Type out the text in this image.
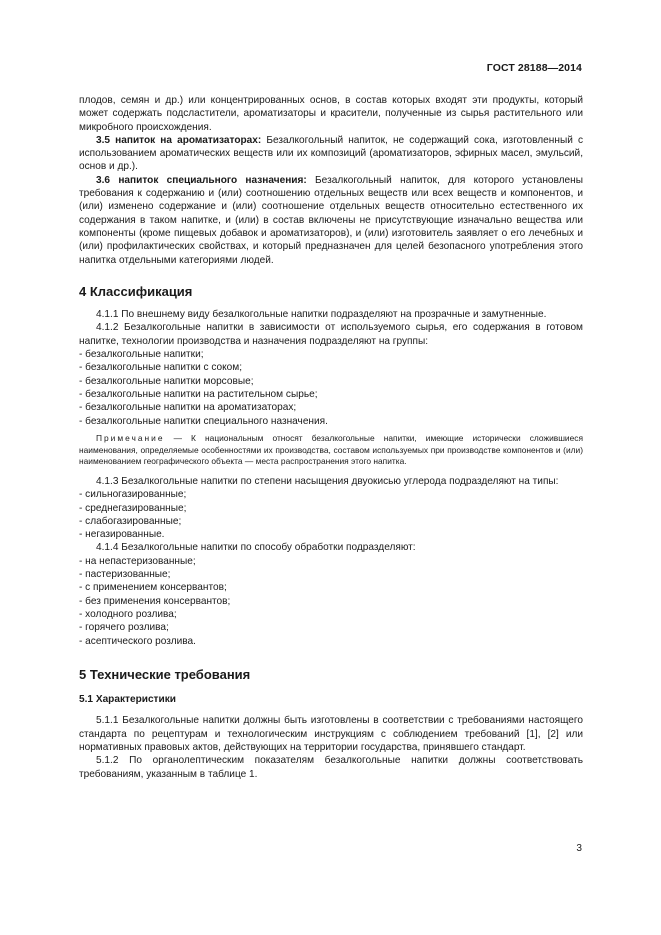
ГОСТ 28188—2014

плодов, семян и др.) или концентрированных основ, в состав которых входят эти продукты, который может содержать подсластители, ароматизаторы и красители, полученные из сырья растительного или микробного происхождения.

3.5 напиток на ароматизаторах: Безалкогольный напиток, не содержащий сока, изготовленный с использованием ароматических веществ или их композиций (ароматизаторов, эфирных масел, эмульсий, основ и др.).

3.6 напиток специального назначения: Безалкогольный напиток, для которого установлены требования к содержанию и (или) соотношению отдельных веществ или всех веществ и компонентов, и (или) изменено содержание и (или) соотношение отдельных веществ относительно естественного их содержания в таком напитке, и (или) в состав включены не присутствующие изначально вещества или компоненты (кроме пищевых добавок и ароматизаторов), и (или) изготовитель заявляет о его лечебных и (или) профилактических свойствах, и который предназначен для целей безопасного употребления этого напитка отдельными категориями людей.

4 Классификация

4.1.1 По внешнему виду безалкогольные напитки подразделяют на прозрачные и замутненные.

4.1.2 Безалкогольные напитки в зависимости от используемого сырья, его содержания в готовом напитке, технологии производства и назначения подразделяют на группы:

- безалкогольные напитки;
- безалкогольные напитки с соком;
- безалкогольные напитки морсовые;
- безалкогольные напитки на растительном сырье;
- безалкогольные напитки на ароматизаторах;
- безалкогольные напитки специального назначения.

Примечание — К национальным относят безалкогольные напитки, имеющие исторически сложившиеся наименования, определяемые особенностями их производства, составом используемых при производстве компонентов и (или) наименованием географического объекта — места распространения этого напитка.

4.1.3 Безалкогольные напитки по степени насыщения двуокисью углерода подразделяют на типы:

- сильногазированные;
- среднегазированные;
- слабогазированные;
- негазированные.

4.1.4 Безалкогольные напитки по способу обработки подразделяют:

- на непастеризованные;
- пастеризованные;
- с применением консервантов;
- без применения консервантов;
- холодного розлива;
- горячего розлива;
- асептического розлива.
5 Технические требования
5.1 Характеристики

5.1.1 Безалкогольные напитки должны быть изготовлены в соответствии с требованиями настоящего стандарта по рецептурам и технологическим инструкциям с соблюдением требований [1], [2] или нормативных правовых актов, действующих на территории государства, принявшего стандарт.

5.1.2 По органолептическим показателям безалкогольные напитки должны соответствовать требованиям, указанным в таблице 1.

3
